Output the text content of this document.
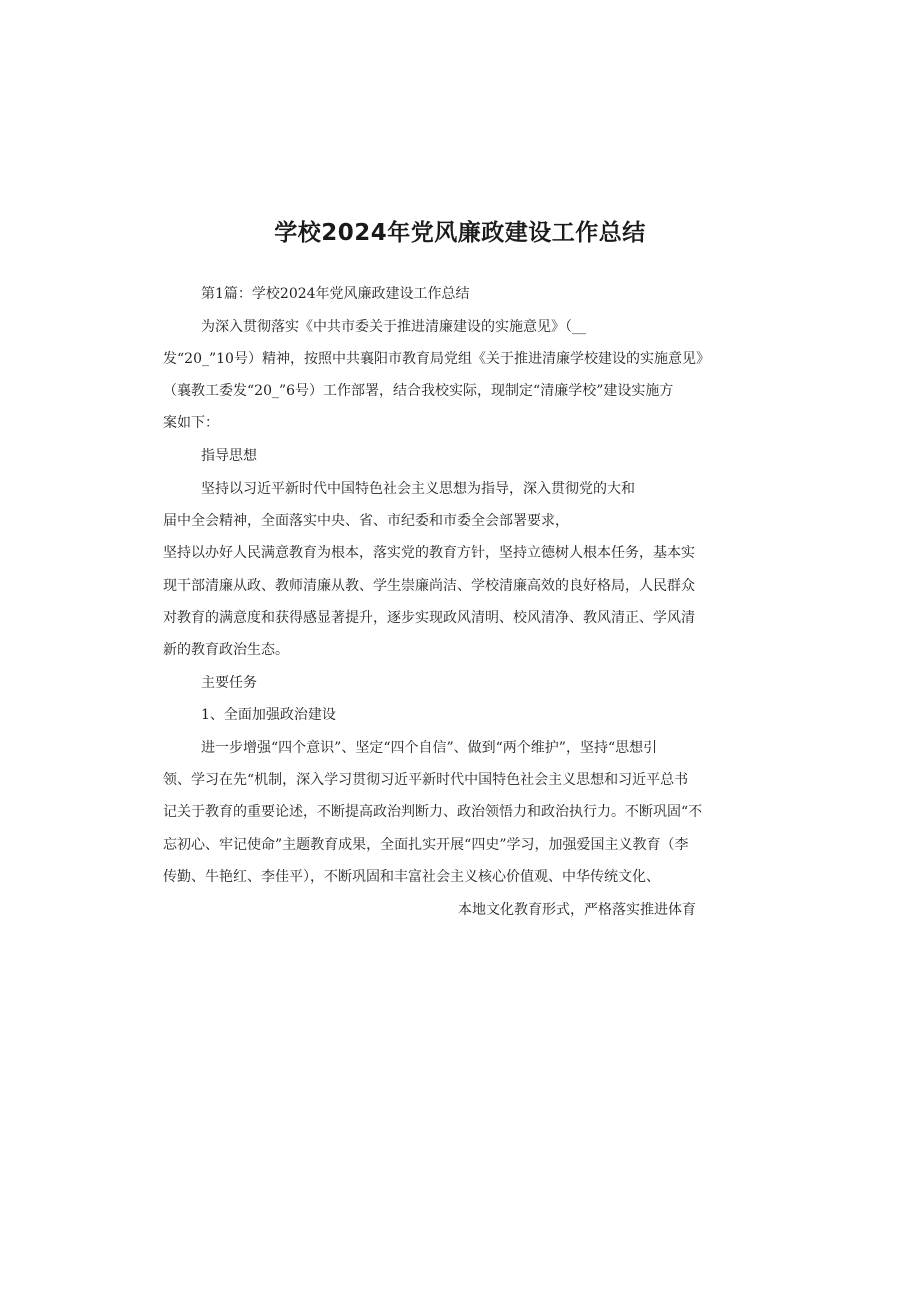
学校2024年党风廉政建设工作总结
第1篇：学校2024年党风廉政建设工作总结
为深入贯彻落实《中共市委关于推进清廉建设的实施意见》（__
发“20_”10号）精神，按照中共襄阳市教育局党组《关于推进清廉学校建设的实施意见》
（襄教工委发“20_”6号）工作部署，结合我校实际，现制定“清廉学校”建设实施方
案如下：
指导思想
坚持以习近平新时代中国特色社会主义思想为指导，深入贯彻党的大和
届中全会精神，全面落实中央、省、市纪委和市委全会部署要求，
坚持以办好人民满意教育为根本，落实党的教育方针，坚持立德树人根本任务，基本实
现干部清廉从政、教师清廉从教、学生崇廉尚洁、学校清廉高效的良好格局，人民群众
对教育的满意度和获得感显著提升，逐步实现政风清明、校风清净、教风清正、学风清
新的教育政治生态。
主要任务
1、全面加强政治建设
进一步增强“四个意识”、坚定“四个自信”、做到“两个维护”，坚持“思想引
领、学习在先“机制，深入学习贯彻习近平新时代中国特色社会主义思想和习近平总书
记关于教育的重要论述，不断提高政治判断力、政治领悟力和政治执行力。不断巩固“不
忘初心、牢记使命”主题教育成果，全面扎实开展“四史”学习，加强爱国主义教育（李
传勤、牛艳红、李佳平），不断巩固和丰富社会主义核心价值观、中华传统文化、
本地文化教育形式，严格落实推进体育
